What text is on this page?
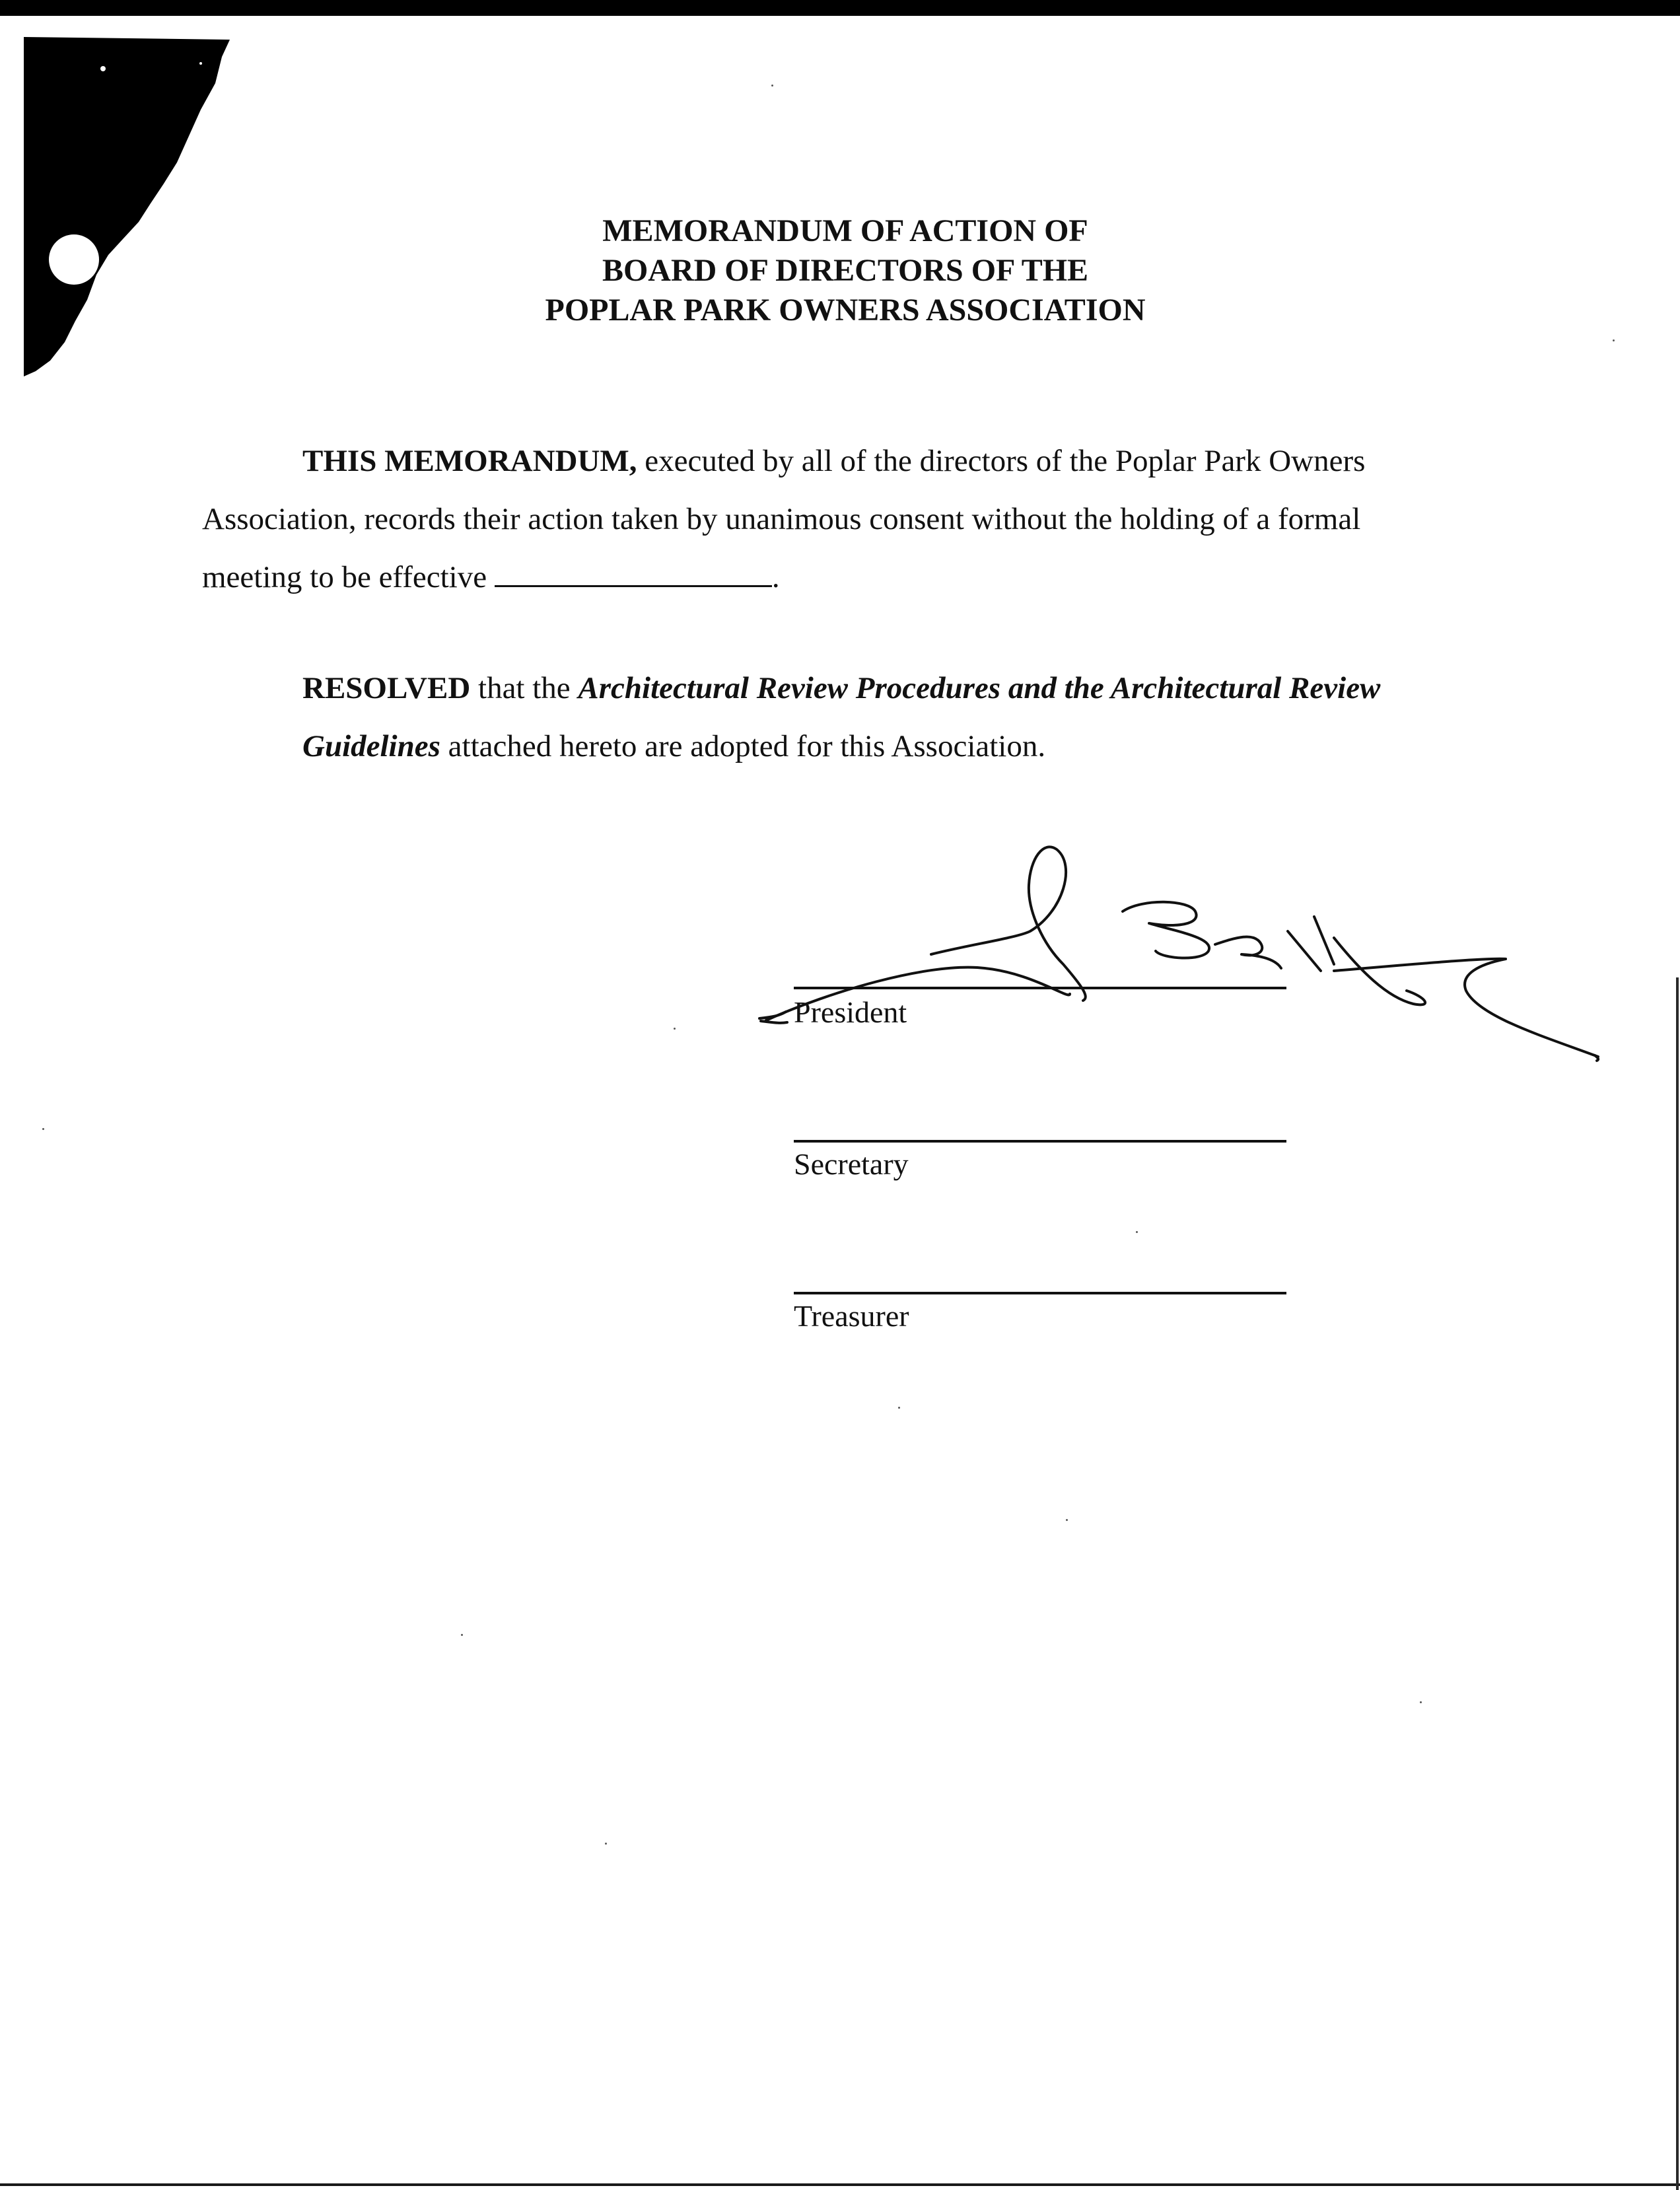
MEMORANDUM OF ACTION OF
BOARD OF DIRECTORS OF THE
POPLAR PARK OWNERS ASSOCIATION
THIS MEMORANDUM, executed by all of the directors of the Poplar Park Owners Association, records their action taken by unanimous consent without the holding of a formal meeting to be effective	.
RESOLVED that the Architectural Review Procedures and the Architectural Review Guidelines attached hereto are adopted for this Association.
President
Secretary
Treasurer
